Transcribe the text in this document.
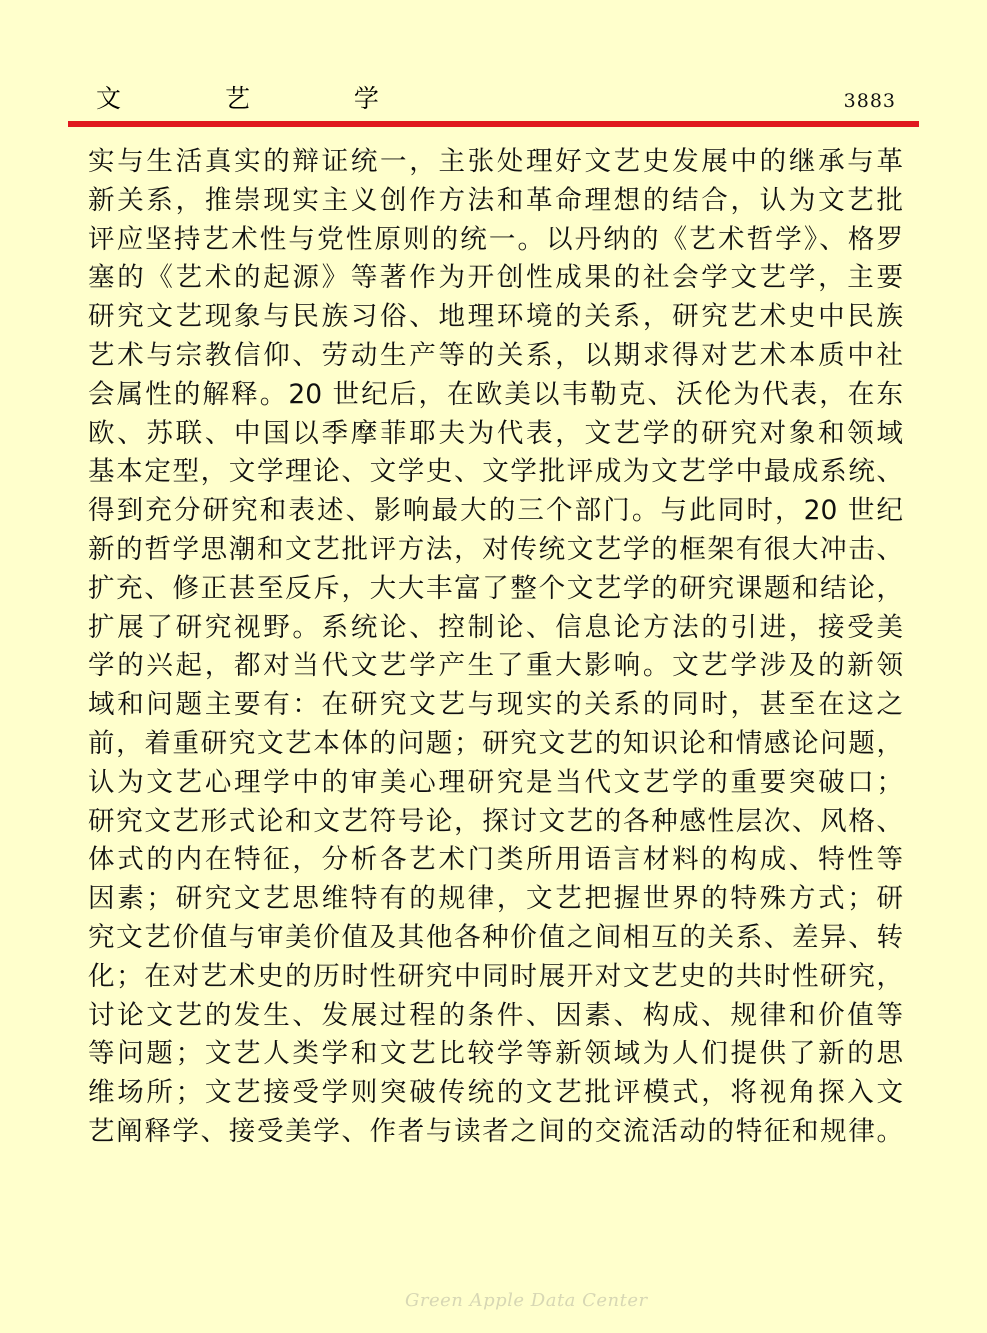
文 艺 学	3883
实与生活真实的辩证统一，主张处理好文艺史发展中的继承与革
新关系，推崇现实主义创作方法和革命理想的结合，认为文艺批
评应坚持艺术性与党性原则的统一。以丹纳的《艺术哲学》、格罗
塞的《艺术的起源》等著作为开创性成果的社会学文艺学，主要
研究文艺现象与民族习俗、地理环境的关系，研究艺术史中民族
艺术与宗教信仰、劳动生产等的关系，以期求得对艺术本质中社
会属性的解释。20 世纪后，在欧美以韦勒克、沃伦为代表，在东
欧、苏联、中国以季摩菲耶夫为代表，文艺学的研究对象和领域
基本定型，文学理论、文学史、文学批评成为文艺学中最成系统、
得到充分研究和表述、影响最大的三个部门。与此同时，20 世纪
新的哲学思潮和文艺批评方法，对传统文艺学的框架有很大冲击、
扩充、修正甚至反斥，大大丰富了整个文艺学的研究课题和结论，
扩展了研究视野。系统论、控制论、信息论方法的引进，接受美
学的兴起，都对当代文艺学产生了重大影响。文艺学涉及的新领
域和问题主要有：在研究文艺与现实的关系的同时，甚至在这之
前，着重研究文艺本体的问题；研究文艺的知识论和情感论问题，
认为文艺心理学中的审美心理研究是当代文艺学的重要突破口；
研究文艺形式论和文艺符号论，探讨文艺的各种感性层次、风格、
体式的内在特征，分析各艺术门类所用语言材料的构成、特性等
因素；研究文艺思维特有的规律，文艺把握世界的特殊方式；研
究文艺价值与审美价值及其他各种价值之间相互的关系、差异、转
化；在对艺术史的历时性研究中同时展开对文艺史的共时性研究，
讨论文艺的发生、发展过程的条件、因素、构成、规律和价值等
等问题；文艺人类学和文艺比较学等新领域为人们提供了新的思
维场所；文艺接受学则突破传统的文艺批评模式，将视角探入文
艺阐释学、接受美学、作者与读者之间的交流活动的特征和规律。
Green Apple Data Center
